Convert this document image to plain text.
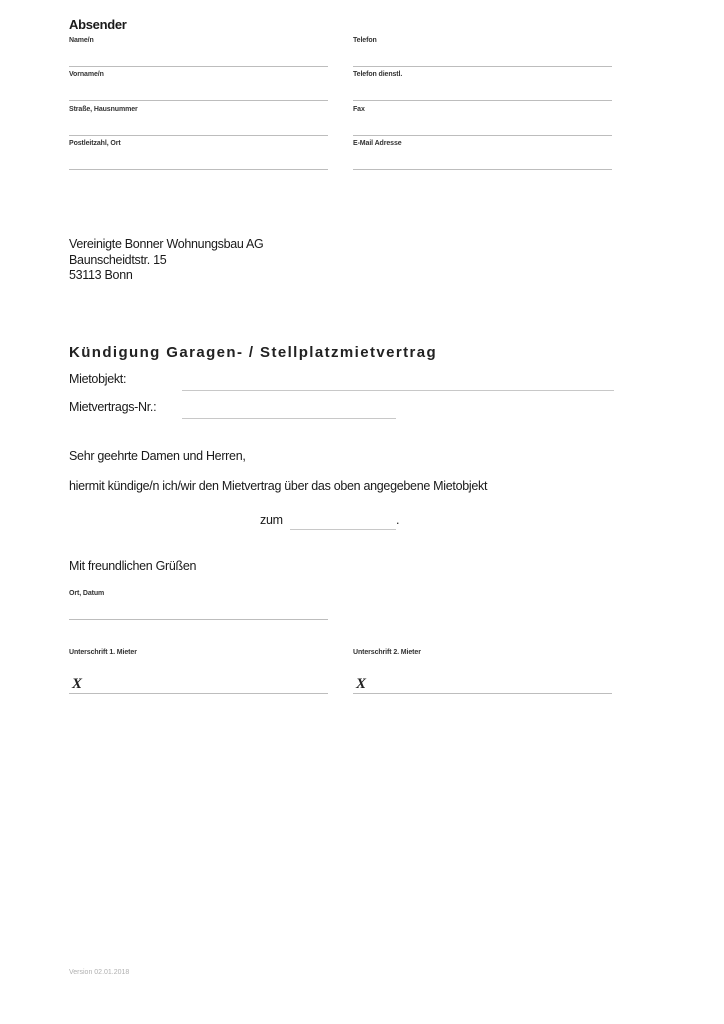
Absender
Name/n
Vorname/n
Straße, Hausnummer
Postleitzahl, Ort
Telefon
Telefon dienstl.
Fax
E-Mail Adresse
Vereinigte Bonner Wohnungsbau AG
Baunscheidtstr. 15
53113 Bonn
Kündigung Garagen- / Stellplatzmietvertrag
Mietobjekt:
Mietvertrags-Nr.:
Sehr geehrte Damen und Herren,
hiermit kündige/n ich/wir den Mietvertrag über das oben angegebene Mietobjekt
zum	.
Mit freundlichen Grüßen
Ort, Datum
Unterschrift 1. Mieter
X
Unterschrift 2. Mieter
X
Version 02.01.2018
